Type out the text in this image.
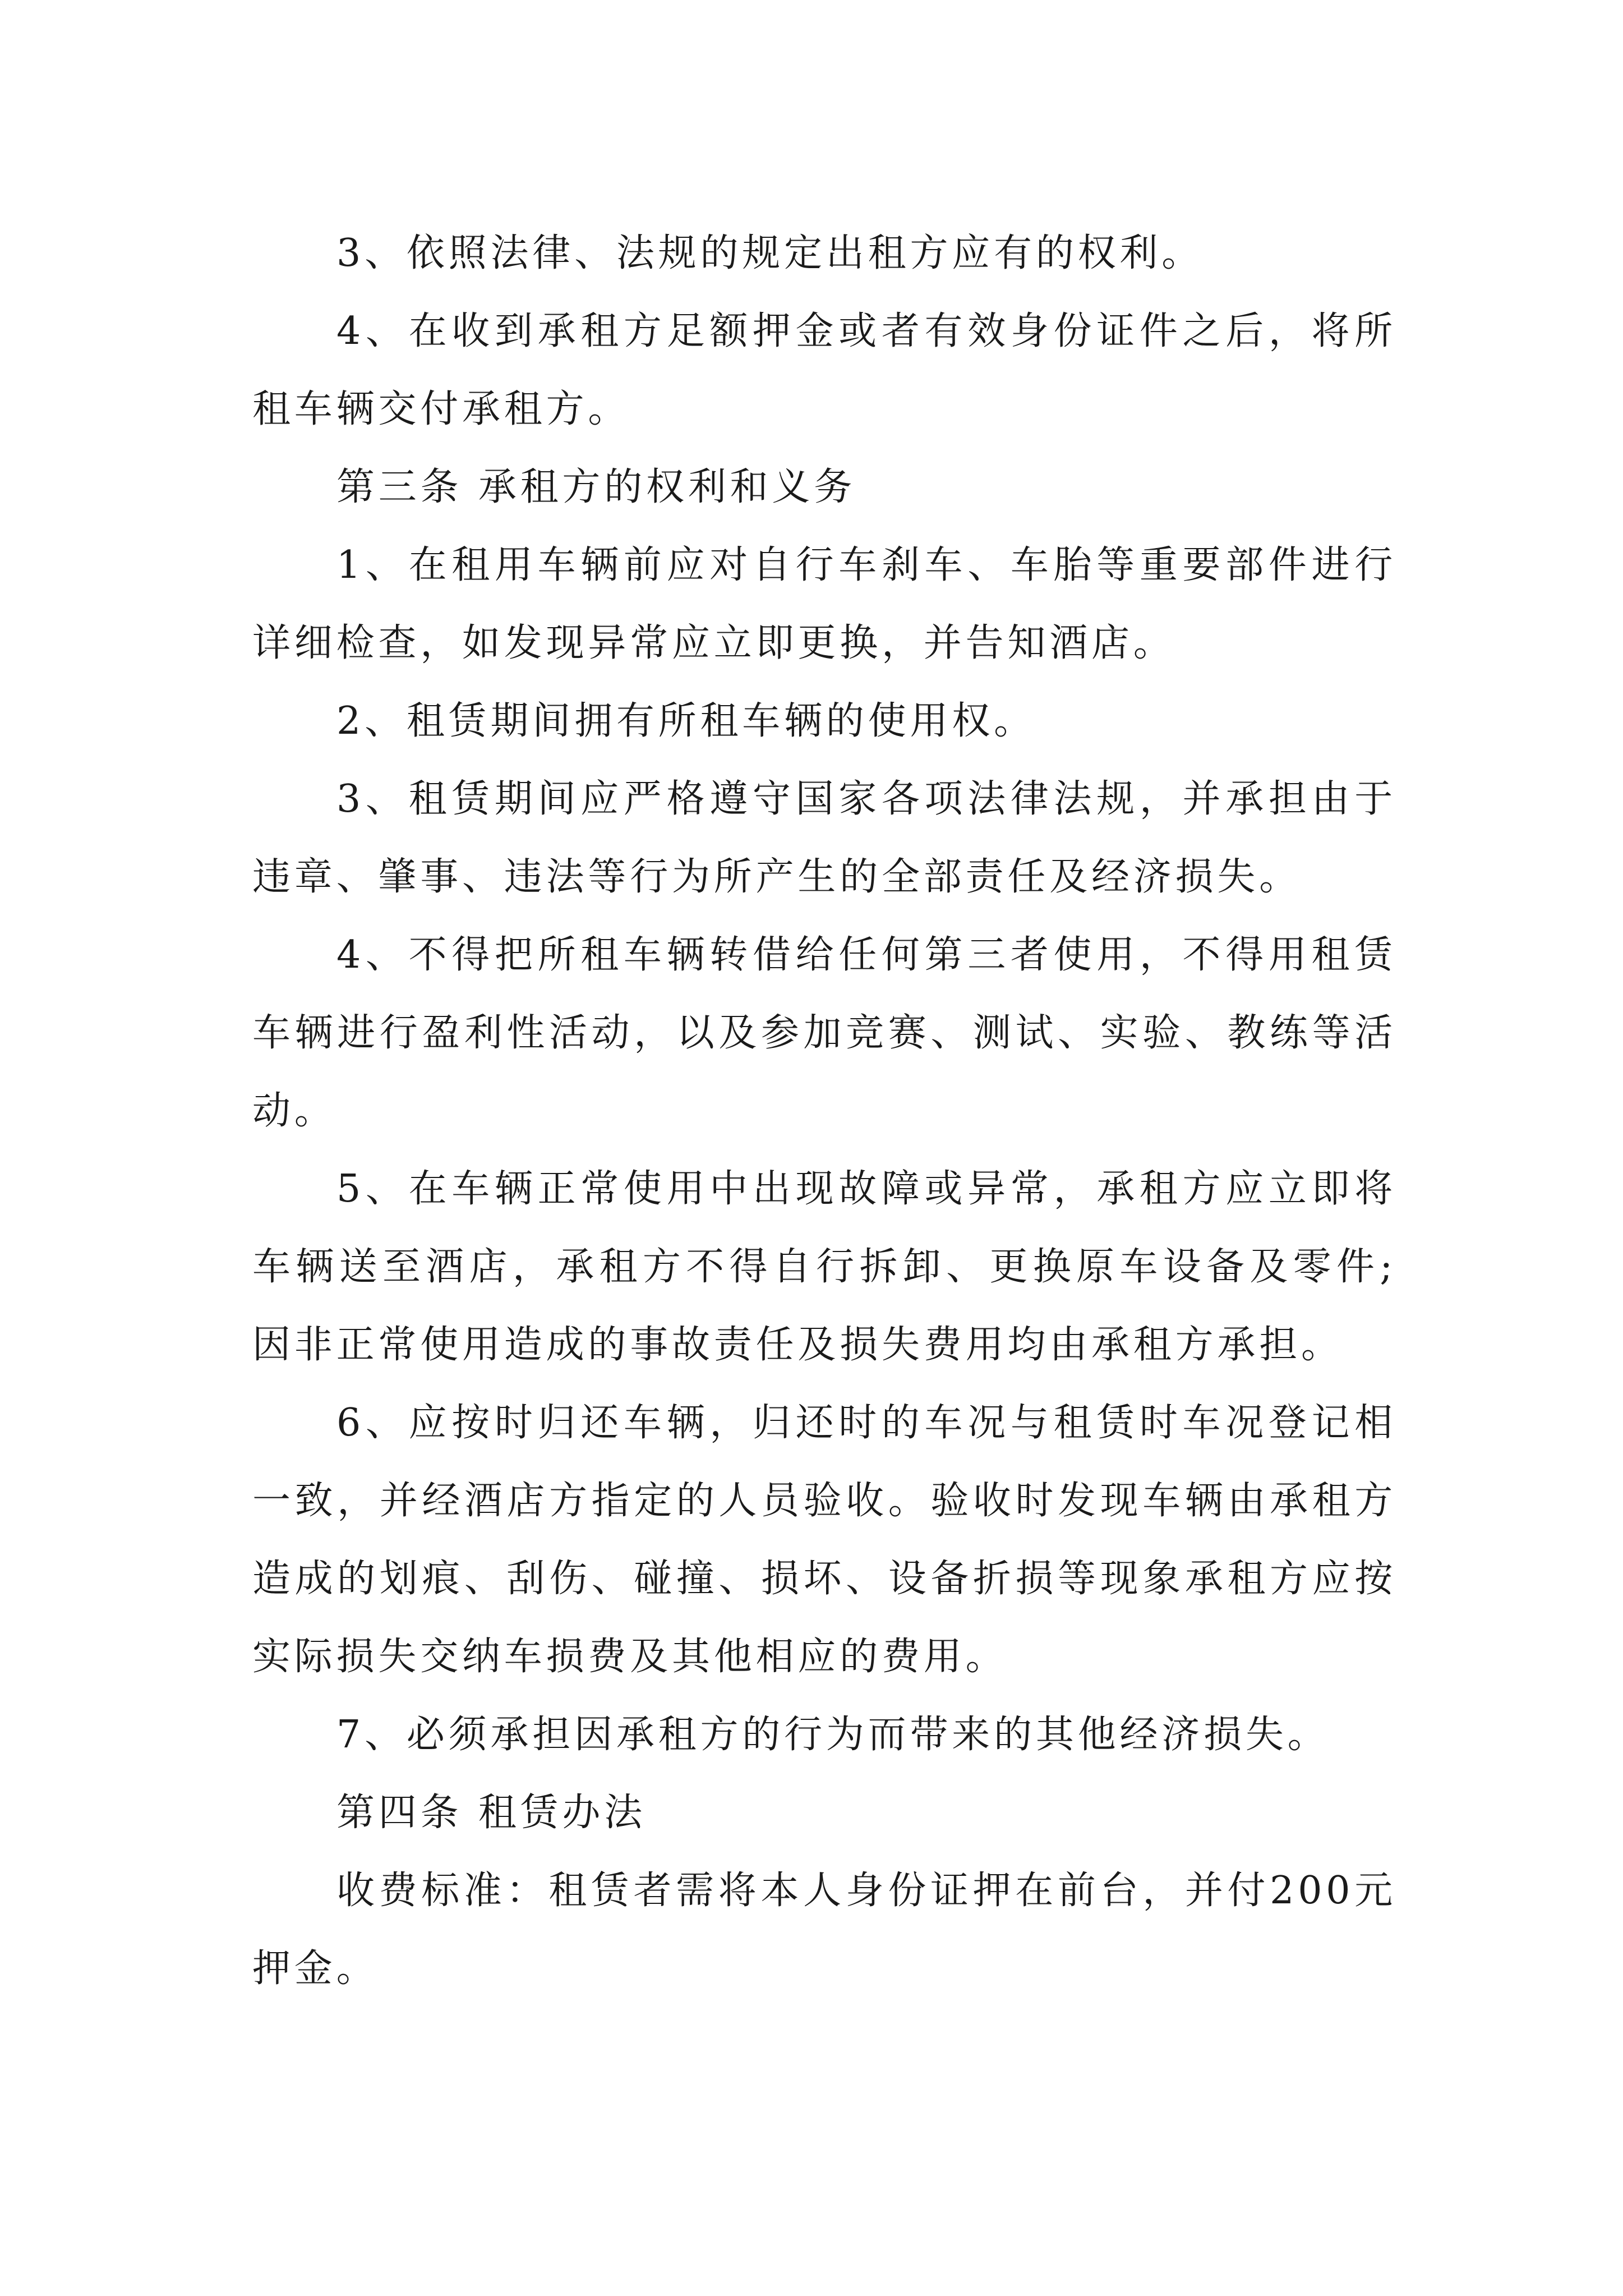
3、依照法律、法规的规定出租方应有的权利。

4、在收到承租方足额押金或者有效身份证件之后，将所租车辆交付承租方。

第三条 承租方的权利和义务

1、在租用车辆前应对自行车刹车、车胎等重要部件进行详细检查，如发现异常应立即更换，并告知酒店。

2、租赁期间拥有所租车辆的使用权。

3、租赁期间应严格遵守国家各项法律法规，并承担由于违章、肇事、违法等行为所产生的全部责任及经济损失。

4、不得把所租车辆转借给任何第三者使用，不得用租赁车辆进行盈利性活动，以及参加竞赛、测试、实验、教练等活动。

5、在车辆正常使用中出现故障或异常，承租方应立即将车辆送至酒店，承租方不得自行拆卸、更换原车设备及零件;因非正常使用造成的事故责任及损失费用均由承租方承担。

6、应按时归还车辆，归还时的车况与租赁时车况登记相一致，并经酒店方指定的人员验收。验收时发现车辆由承租方造成的划痕、刮伤、碰撞、损坏、设备折损等现象承租方应按实际损失交纳车损费及其他相应的费用。

7、必须承担因承租方的行为而带来的其他经济损失。

第四条 租赁办法

收费标准：租赁者需将本人身份证押在前台，并付200元押金。
